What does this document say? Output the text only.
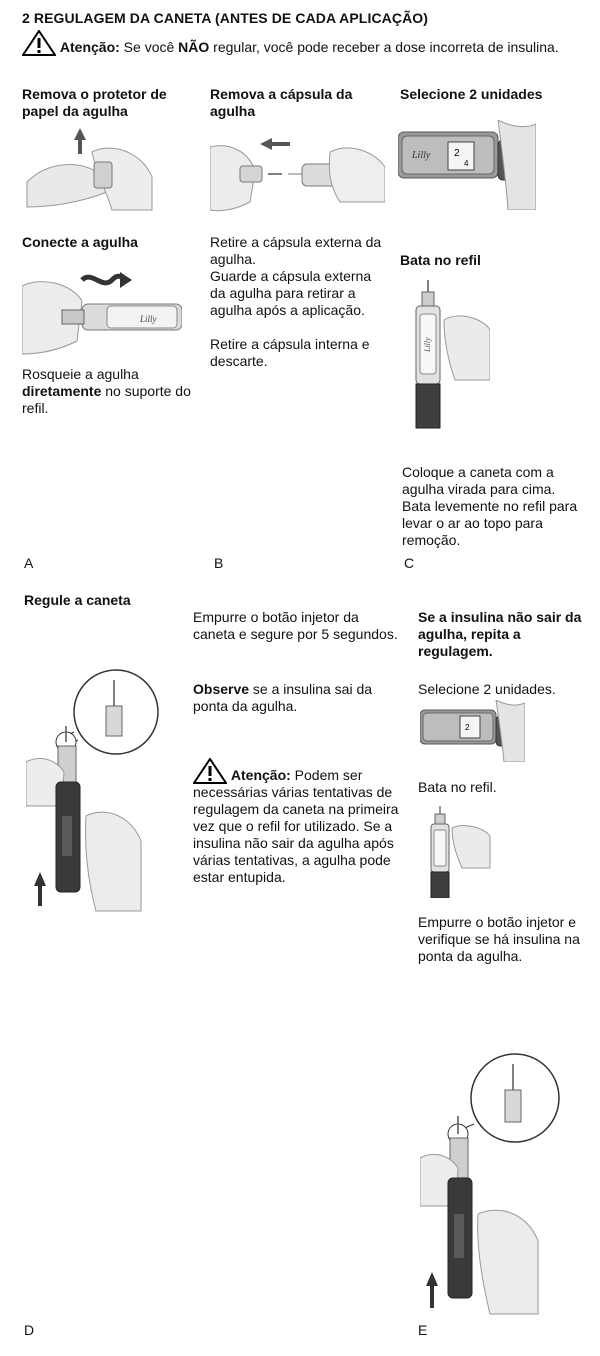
2 REGULAGEM DA CANETA (ANTES DE CADA APLICAÇÃO)
Atenção: Se você NÃO regular, você pode receber a dose incorreta de insulina.
Remova o protetor de papel da agulha
Conecte a agulha
Lilly
Rosqueie a agulha diretamente no suporte do refil.
A
Remova a cápsula da agulha
Retire a cápsula externa da agulha.
Guarde a cápsula externa da agulha para retirar a agulha após a aplicação.
Retire a cápsula interna e descarte.
B
Selecione 2 unidades
Lilly 2
4
Bata no refil
Lilly
Coloque a caneta com a agulha virada para cima. Bata levemente no refil para levar o ar ao topo para remoção.
C
Regule a caneta
D
Empurre o botão injetor da caneta e segure por 5 segundos.
Observe se a insulina sai da ponta da agulha.
Atenção: Podem ser necessárias várias tentativas de regulagem da caneta na primeira vez que o refil for utilizado. Se a insulina não sair da agulha após várias tentativas, a agulha pode estar entupida.
Se a insulina não sair da agulha, repita a regulagem.
Selecione 2 unidades.
2
Bata no refil.
Empurre o botão injetor e verifique se há insulina na ponta da agulha.
E
